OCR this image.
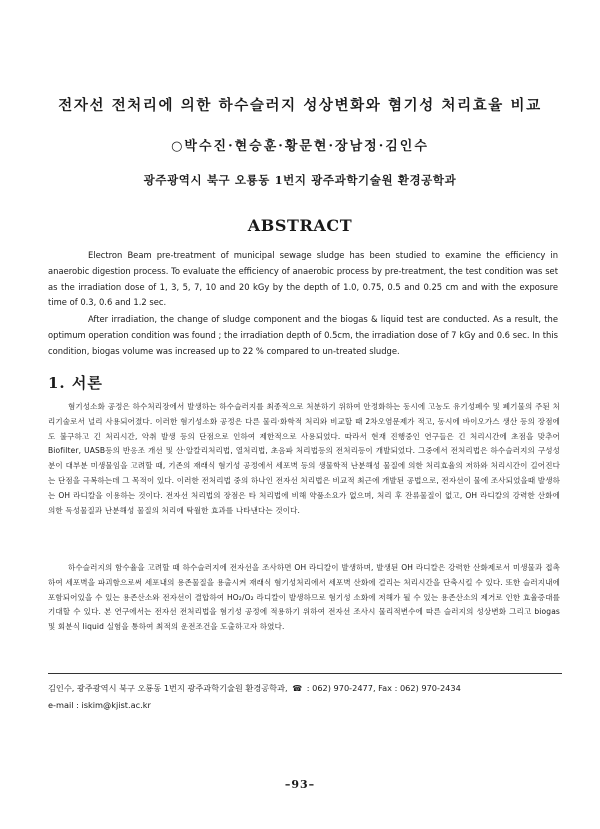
전자선 전처리에 의한 하수슬러지 성상변화와 혐기성 처리효율 비교
○박수진·현승훈·황문현·장남정·김인수
광주광역시 북구 오룡동 1번지 광주과학기술원 환경공학과
ABSTRACT

Electron Beam pre-treatment of municipal sewage sludge has been studied to examine the efficiency in anaerobic digestion process. To evaluate the efficiency of anaerobic process by pre-treatment, the test condition was set as the irradiation dose of 1, 3, 5, 7, 10 and 20 kGy by the depth of 1.0, 0.75, 0.5 and 0.25 cm and with the exposure time of 0.3, 0.6 and 1.2 sec.

After irradiation, the change of sludge component and the biogas & liquid test are conducted. As a result, the optimum operation condition was found ; the irradiation depth of 0.5cm, the irradiation dose of 7 kGy and 0.6 sec. In this condition, biogas volume was increased up to 22 % compared to un-treated sludge.

1. 서론

혐기성소화 공정은 하수처리장에서 발생하는 하수슬러지를 최종적으로 처분하기 위하여 안정화하는 동시에 고농도 유기성폐수 및 폐기물의 주된 처리기술로서 널리 사용되어졌다. 이러한 혐기성소화 공정은 다른 물리·화학적 처리와 비교할 때 2차오염문제가 적고, 동시에 바이오가스 생산 등의 장점에도 불구하고 긴 처리시간, 악취 발생 등의 단점으로 인하여 제한적으로 사용되었다. 따라서 현재 진행중인 연구들은 긴 처리시간에 초점을 맞추어 Biofilter, UASB등의 반응조 개선 및 산·알칼리처리법, 열처리법, 초음파 처리법등의 전처리등이 개발되었다. 그중에서 전처리법은 하수슬러지의 구성성분이 대부분 미생물임을 고려할 때, 기존의 재래식 혐기성 공정에서 세포벽 등의 생물학적 난분해성 물질에 의한 처리효율의 저하와 처리시간이 길어진다는 단점을 극복하는데 그 목적이 있다. 이러한 전처리법 중의 하나인 전자선 처리법은 비교적 최근에 개발된 공법으로, 전자선이 물에 조사되었을때 발생하는 OH 라디칼을 이용하는 것이다. 전자선 처리법의 장점은 타 처리법에 비해 약품소요가 없으며, 처리 후 잔류물질이 없고, OH 라디칼의 강력한 산화에 의한 독성물질과 난분해성 물질의 처리에 탁월한 효과를 나타낸다는 것이다.

하수슬러지의 함수율을 고려할 때 하수슬러지에 전자선을 조사하면 OH 라디칼이 발생하며, 발생된 OH 라디칼은 강력한 산화제로서 미생물과 접촉하여 세포벽을 파괴함으로써 세포내의 용존물질을 용출시켜 재래식 혐기성처리에서 세포벽 산화에 걸리는 처리시간을 단축시킬 수 있다. 또한 슬러지내에 포함되어있을 수 있는 용존산소와 전자선이 결합하여 HO₂/O₂ 라디칼이 발생하므로 혐기성 소화에 저해가 될 수 있는 용존산소의 제거로 인한 효율증대를 기대할 수 있다. 본 연구에서는 전자선 전처리법을 혐기성 공정에 적용하기 위하여 전자선 조사시 물리적변수에 따른 슬러지의 성상변화 그리고 biogas 및 회분식 liquid 실험을 통하여 최적의 운전조건을 도출하고자 하였다.

김인수, 광주광역시 북구 오룡동 1번지 광주과학기술원 환경공학과, ☎ : 062) 970-2477, Fax : 062) 970-2434

e-mail : iskim@kjist.ac.kr

–93–
